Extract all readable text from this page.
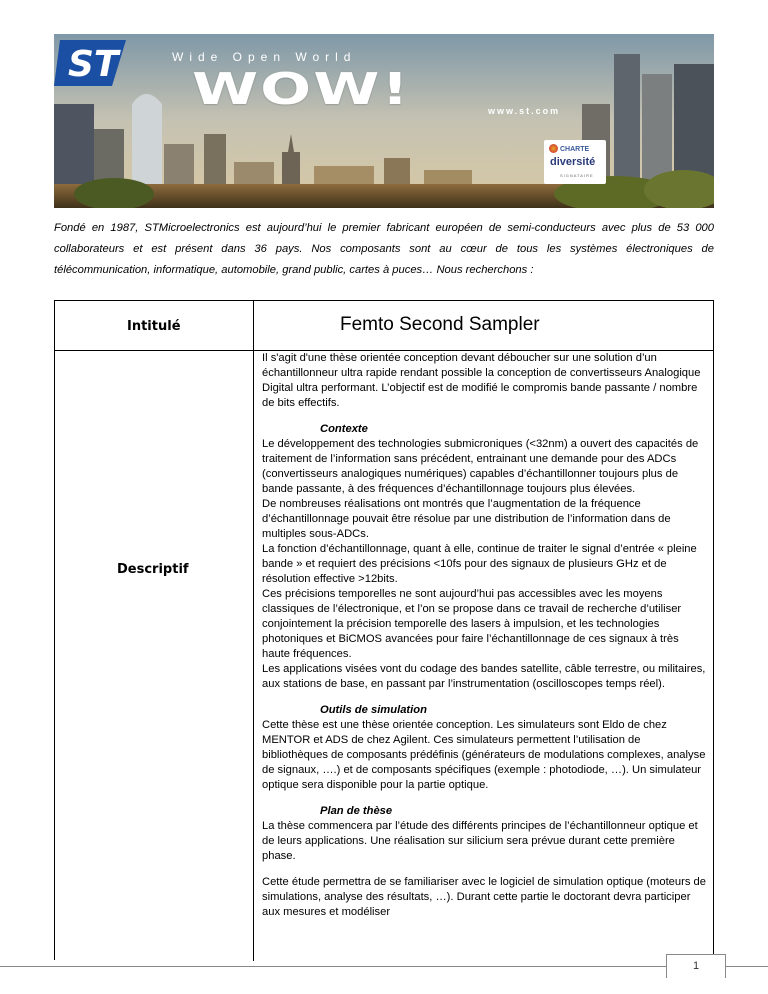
Wide Open World
WOW!
ST
www.st.com
CHARTE
diversité
SIGNATAIRE
Fondé en 1987, STMicroelectronics est aujourd’hui le premier fabricant européen de semi-conducteurs avec plus de 53 000 collaborateurs et est présent dans 36 pays. Nos composants sont au cœur de tous les systèmes électroniques de télécommunication, informatique, automobile, grand public, cartes à puces… Nous recherchons :
Intitulé	Femto Second Sampler
Descriptif

Il s'agit d'une thèse orientée conception devant déboucher sur une solution d’un échantillonneur ultra rapide rendant possible la conception de convertisseurs Analogique Digital ultra performant. L’objectif est de modifié le compromis bande passante / nombre de bits effectifs.

Contexte

Le développement des technologies submicroniques (<32nm) a ouvert des capacités de traitement de l’information sans précédent, entrainant une demande pour des ADCs (convertisseurs analogiques numériques) capables d’échantillonner toujours plus de bande passante, à des fréquences d’échantillonnage toujours plus élevées.

De nombreuses réalisations ont montrés que l’augmentation de la fréquence d’échantillonnage pouvait être résolue par une distribution de l’information dans de multiples sous-ADCs.

La fonction d’échantillonnage, quant à elle, continue de traiter le signal d’entrée « pleine bande » et requiert des précisions <10fs pour des signaux de plusieurs GHz et de résolution effective >12bits.

Ces précisions temporelles ne sont aujourd’hui pas accessibles avec les moyens classiques de l’électronique, et l’on se propose dans ce travail de recherche d’utiliser conjointement la précision temporelle des lasers à impulsion, et les technologies photoniques et BiCMOS avancées pour faire l’échantillonnage de ces signaux à très haute fréquences.

Les applications visées vont du codage des bandes satellite, câble terrestre, ou militaires, aux stations de base, en passant par l’instrumentation (oscilloscopes temps réel).

Outils de simulation

Cette thèse est une thèse orientée conception. Les simulateurs sont Eldo de chez MENTOR et ADS de chez Agilent. Ces simulateurs permettent l’utilisation de bibliothèques de composants prédéfinis (générateurs de modulations complexes, analyse de signaux, ….) et de composants spécifiques (exemple : photodiode, …). Un simulateur optique sera disponible pour la partie optique.

Plan de thèse

La thèse commencera par l’étude des différents principes de l’échantillonneur optique et de leurs applications. Une réalisation sur silicium sera prévue durant cette première phase.

Cette étude permettra de se familiariser avec le logiciel de simulation optique (moteurs de simulations, analyse des résultats, …). Durant cette partie le doctorant devra participer aux mesures et modéliser

1
